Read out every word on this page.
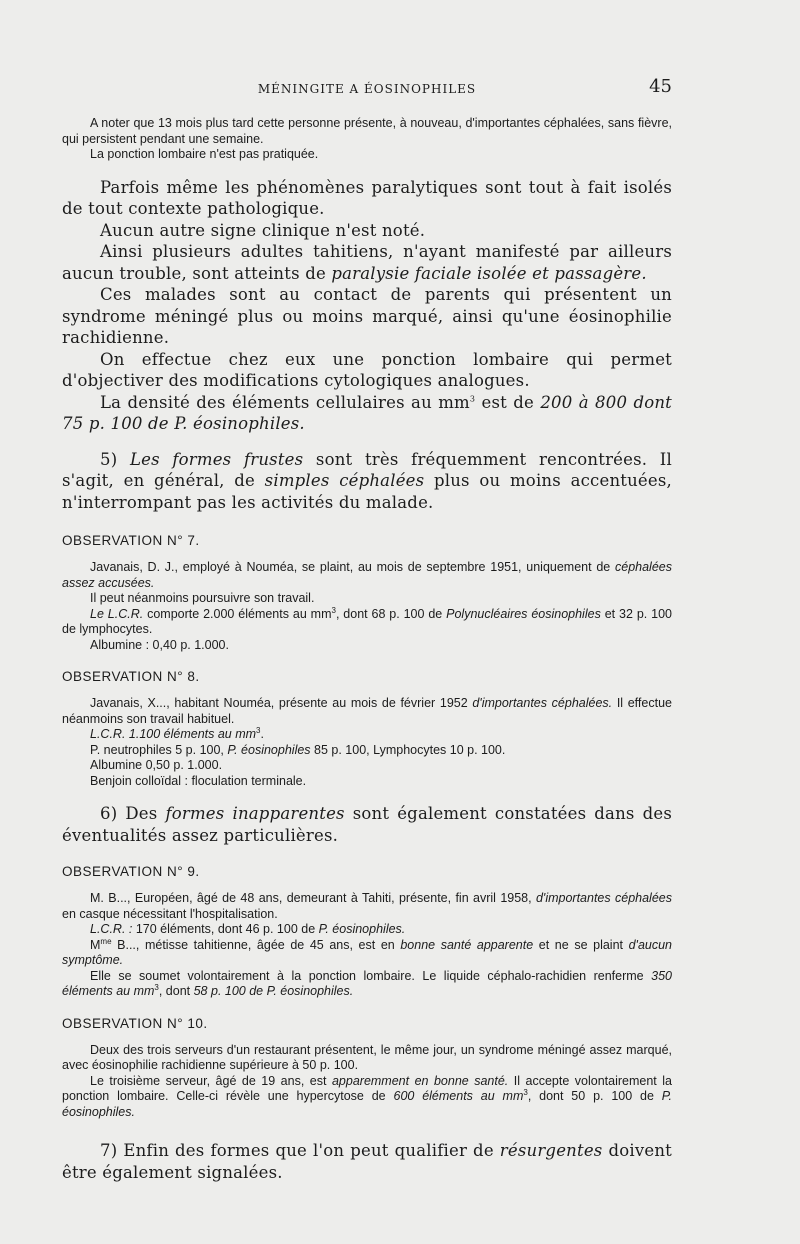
MÉNINGITE A ÉOSINOPHILES	45

A noter que 13 mois plus tard cette personne présente, à nouveau, d'importantes céphalées, sans fièvre, qui persistent pendant une semaine.

La ponction lombaire n'est pas pratiquée.

Parfois même les phénomènes paralytiques sont tout à fait isolés de tout contexte pathologique.

Aucun autre signe clinique n'est noté.

Ainsi plusieurs adultes tahitiens, n'ayant manifesté par ailleurs aucun trouble, sont atteints de paralysie faciale isolée et passagère.

Ces malades sont au contact de parents qui présentent un syndrome méningé plus ou moins marqué, ainsi qu'une éosinophilie rachidienne.

On effectue chez eux une ponction lombaire qui permet d'objectiver des modifications cytologiques analogues.

La densité des éléments cellulaires au $mm^3$ est de 200 à 800 dont 75 p. 100 de P. éosinophiles.

5) Les formes frustes sont très fréquemment rencontrées. Il s'agit, en général, de simples céphalées plus ou moins accentuées, n'interrompant pas les activités du malade.

OBSERVATION N° 7.

Javanais, D. J., employé à Nouméa, se plaint, au mois de septembre 1951, uniquement de céphalées assez accusées.

Il peut néanmoins poursuivre son travail.

Le L.C.R. comporte 2.000 éléments au $mm^3$, dont 68 p. 100 de Polynucléaires éosinophiles et 32 p. 100 de lymphocytes.

Albumine : 0,40 p. 1.000.

OBSERVATION N° 8.

Javanais, X..., habitant Nouméa, présente au mois de février 1952 d'importantes céphalées. Il effectue néanmoins son travail habituel.

L.C.R. 1.100 éléments au $mm^3$.

P. neutrophiles 5 p. 100, P. éosinophiles 85 p. 100, Lymphocytes 10 p. 100.

Albumine 0,50 p. 1.000.

Benjoin colloïdal : floculation terminale.

6) Des formes inapparentes sont également constatées dans des éventualités assez particulières.

OBSERVATION N° 9.

M. B..., Européen, âgé de 48 ans, demeurant à Tahiti, présente, fin avril 1958, d'importantes céphalées en casque nécessitant l'hospitalisation.

L.C.R. : 170 éléments, dont 46 p. 100 de P. éosinophiles.

$M^{me}$ B..., métisse tahitienne, âgée de 45 ans, est en bonne santé apparente et ne se plaint d'aucun symptôme.

Elle se soumet volontairement à la ponction lombaire. Le liquide céphalo-rachidien renferme 350 éléments au $mm^3$, dont 58 p. 100 de P. éosinophiles.

OBSERVATION N° 10.

Deux des trois serveurs d'un restaurant présentent, le même jour, un syndrome méningé assez marqué, avec éosinophilie rachidienne supérieure à 50 p. 100.

Le troisième serveur, âgé de 19 ans, est apparemment en bonne santé. Il accepte volontairement la ponction lombaire. Celle-ci révèle une hypercytose de 600 éléments au $mm^3$, dont 50 p. 100 de P. éosinophiles.

7) Enfin des formes que l'on peut qualifier de résurgentes doivent être également signalées.
